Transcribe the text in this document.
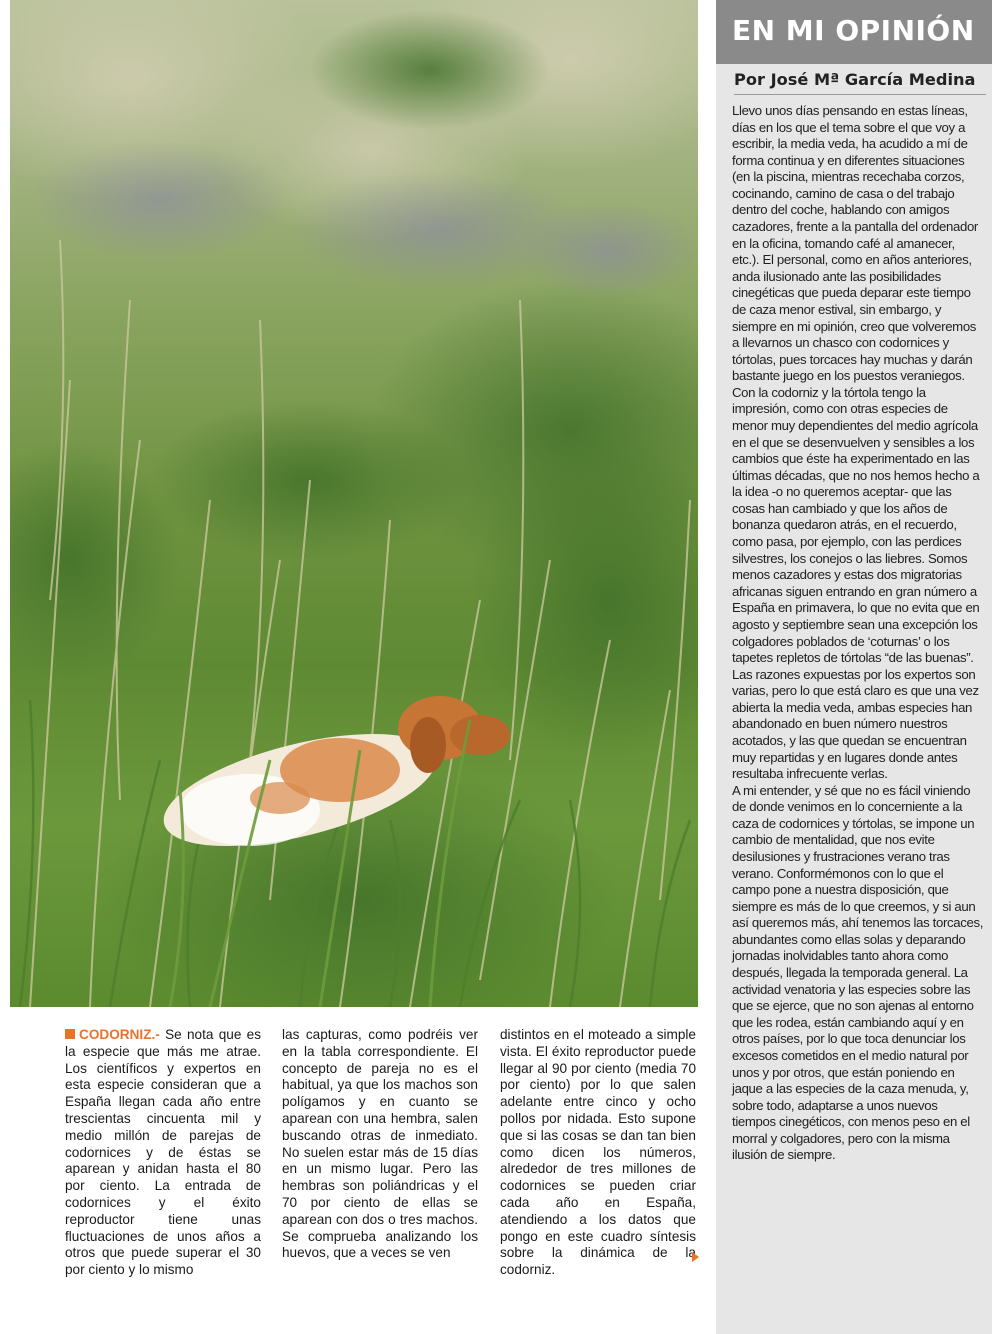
CODORNIZ.- Se nota que es la especie que más me atrae. Los científicos y expertos en esta especie consideran que a España llegan cada año entre trescientas cincuenta mil y medio millón de parejas de codornices y de éstas se aparean y anidan hasta el 80 por ciento. La entrada de codornices y el éxito reproductor tiene unas fluctuaciones de unos años a otros que puede superar el 30 por ciento y lo mismo
las capturas, como podréis ver en la tabla correspondiente. El concepto de pareja no es el habitual, ya que los machos son polígamos y en cuanto se aparean con una hembra, salen buscando otras de inmediato. No suelen estar más de 15 días en un mismo lugar. Pero las hembras son poliándricas y el 70 por ciento de ellas se aparean con dos o tres machos. Se comprueba analizando los huevos, que a veces se ven
distintos en el moteado a simple vista. El éxito reproductor puede llegar al 90 por ciento (media 70 por ciento) por lo que salen adelante entre cinco y ocho pollos por nidada. Esto supone que si las cosas se dan tan bien como dicen los números, alrededor de tres millones de codornices se pueden criar cada año en España, atendiendo a los datos que pongo en este cuadro síntesis sobre la dinámica de la codorniz.
EN MI OPINIÓN
Por José Mª García Medina
Llevo unos días pensando en estas líneas, días en los que el tema sobre el que voy a escribir, la media veda, ha acudido a mí de forma continua y en diferentes situaciones (en la piscina, mientras recechaba corzos, cocinando, camino de casa o del trabajo dentro del coche, hablando con amigos cazadores, frente a la pantalla del ordenador en la oficina, tomando café al amanecer, etc.). El personal, como en años anteriores, anda ilusionado ante las posibilidades cinegéticas que pueda deparar este tiempo de caza menor estival, sin embargo, y siempre en mi opinión, creo que volveremos a llevarnos un chasco con codornices y tórtolas, pues torcaces hay muchas y darán bastante juego en los puestos veraniegos. Con la codorniz y la tórtola tengo la impresión, como con otras especies de menor muy dependientes del medio agrícola en el que se desenvuelven y sensibles a los cambios que éste ha experimentado en las últimas décadas, que no nos hemos hecho a la idea -o no queremos aceptar- que las cosas han cambiado y que los años de bonanza quedaron atrás, en el recuerdo, como pasa, por ejemplo, con las perdices silvestres, los conejos o las liebres. Somos menos cazadores y estas dos migratorias africanas siguen entrando en gran número a España en primavera, lo que no evita que en agosto y septiembre sean una excepción los colgadores poblados de ‘coturnas’ o los tapetes repletos de tórtolas “de las buenas”. Las razones expuestas por los expertos son varias, pero lo que está claro es que una vez abierta la media veda, ambas especies han abandonado en buen número nuestros acotados, y las que quedan se encuentran muy repartidas y en lugares donde antes resultaba infrecuente verlas.
A mi entender, y sé que no es fácil viniendo de donde venimos en lo concerniente a la caza de codornices y tórtolas, se impone un cambio de mentalidad, que nos evite desilusiones y frustraciones verano tras verano. Conformémonos con lo que el campo pone a nuestra disposición, que siempre es más de lo que creemos, y si aun así queremos más, ahí tenemos las torcaces, abundantes como ellas solas y deparando jornadas inolvidables tanto ahora como después, llegada la temporada general. La actividad venatoria y las especies sobre las que se ejerce, que no son ajenas al entorno que les rodea, están cambiando aquí y en otros países, por lo que toca denunciar los excesos cometidos en el medio natural por unos y por otros, que están poniendo en jaque a las especies de la caza menuda, y, sobre todo, adaptarse a unos nuevos tiempos cinegéticos, con menos peso en el morral y colgadores, pero con la misma ilusión de siempre.
